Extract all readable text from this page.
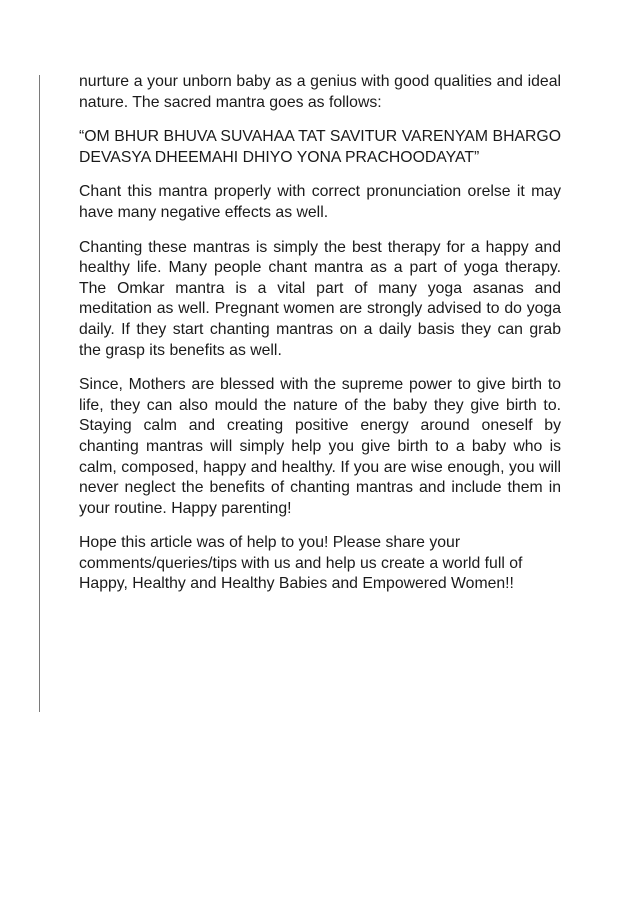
nurture a your unborn baby as a genius with good qualities and ideal nature. The sacred mantra goes as follows:

“OM BHUR BHUVA SUVAHAA TAT SAVITUR VARENYAM BHARGO DEVASYA DHEEMAHI DHIYO YONA PRACHOODAYAT”

Chant this mantra properly with correct pronunciation orelse it may have many negative effects as well.

Chanting these mantras is simply the best therapy for a happy and healthy life. Many people chant mantra as a part of yoga therapy. The Omkar mantra is a vital part of many yoga asanas and meditation as well. Pregnant women are strongly advised to do yoga daily. If they start chanting mantras on a daily basis they can grab the grasp its benefits as well.

Since, Mothers are blessed with the supreme power to give birth to life, they can also mould the nature of the baby they give birth to. Staying calm and creating positive energy around oneself by chanting mantras will simply help you give birth to a baby who is calm, composed, happy and healthy. If you are wise enough, you will never neglect the benefits of chanting mantras and include them in your routine. Happy parenting!

Hope this article was of help to you! Please share your comments/queries/tips with us and help us create a world full of Happy, Healthy and Healthy Babies and Empowered Women!!
